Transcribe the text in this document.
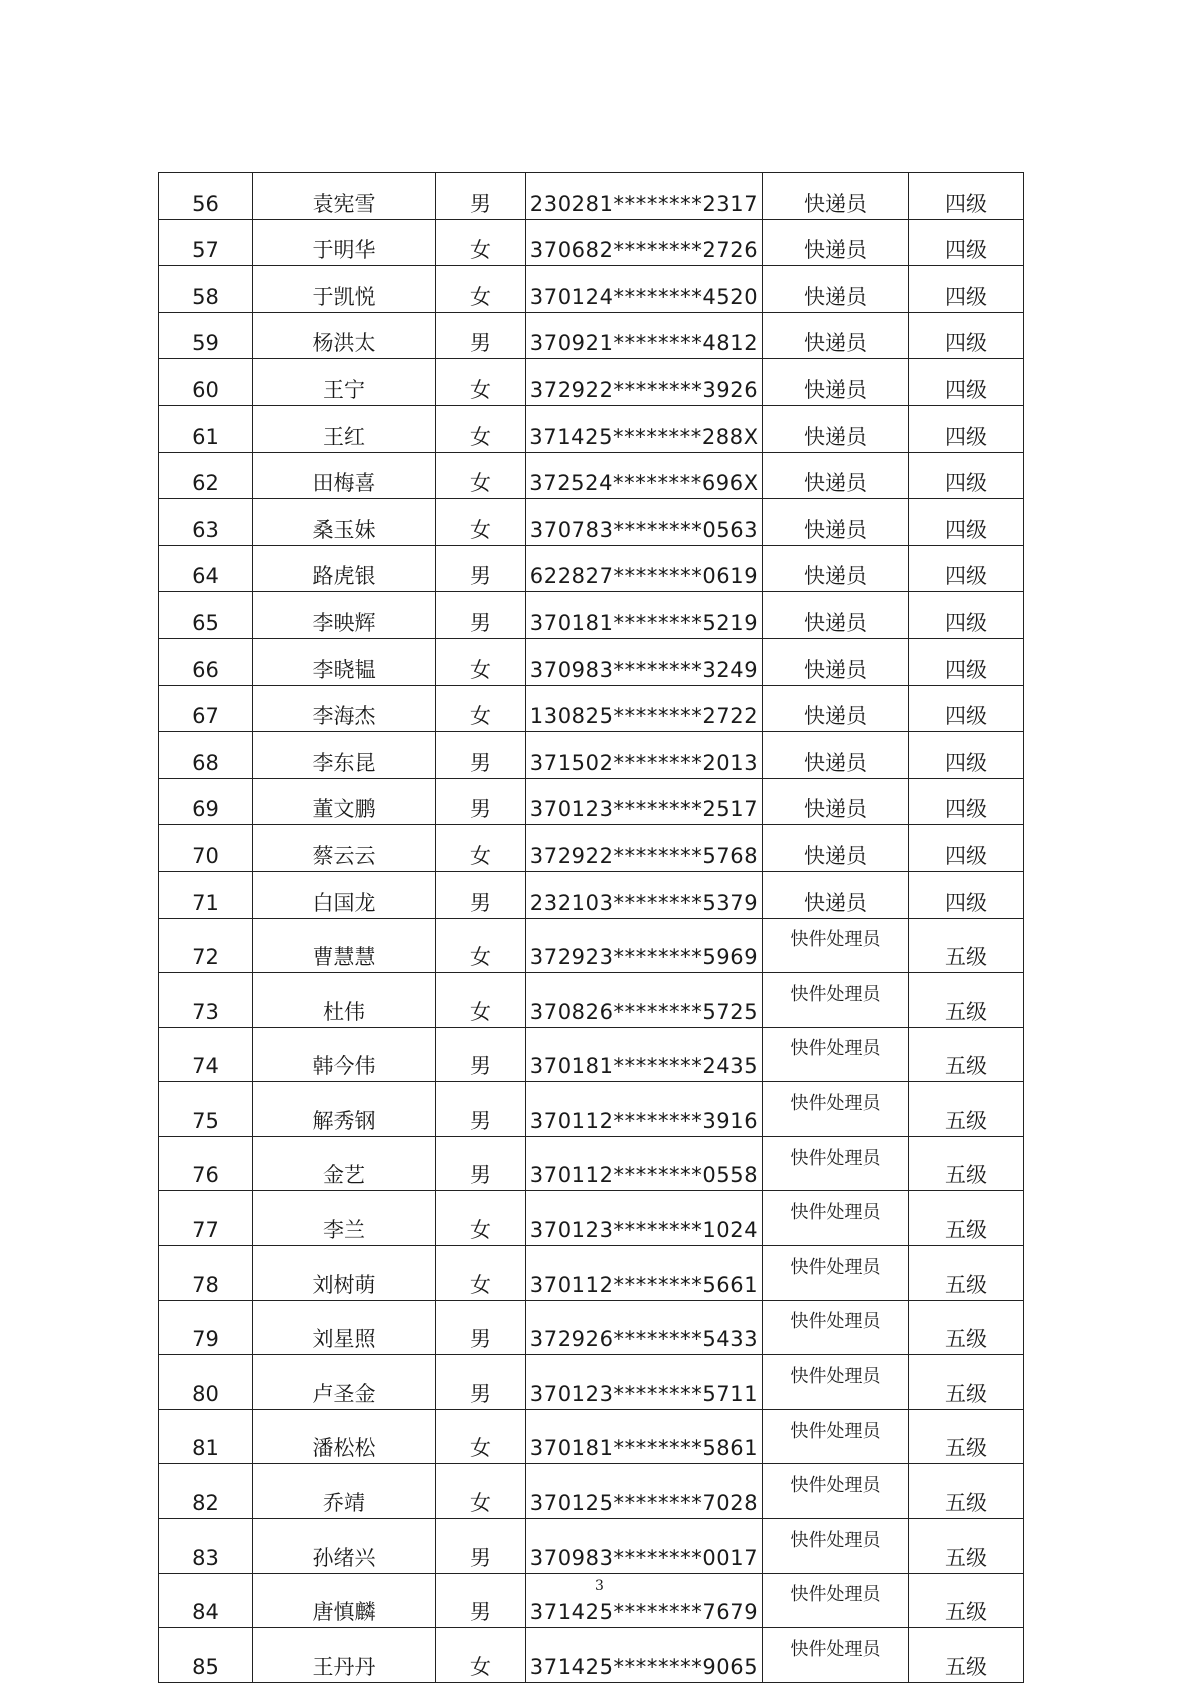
56	袁宪雪	男	230281********2317	快递员	四级
57	于明华	女	370682********2726	快递员	四级
58	于凯悦	女	370124********4520	快递员	四级
59	杨洪太	男	370921********4812	快递员	四级
60	王宁	女	372922********3926	快递员	四级
61	王红	女	371425********288X	快递员	四级
62	田梅喜	女	372524********696X	快递员	四级
63	桑玉妹	女	370783********0563	快递员	四级
64	路虎银	男	622827********0619	快递员	四级
65	李映辉	男	370181********5219	快递员	四级
66	李晓韫	女	370983********3249	快递员	四级
67	李海杰	女	130825********2722	快递员	四级
68	李东昆	男	371502********2013	快递员	四级
69	董文鹏	男	370123********2517	快递员	四级
70	蔡云云	女	372922********5768	快递员	四级
71	白国龙	男	232103********5379	快递员	四级
72	曹慧慧	女	372923********5969	快件处理员	五级
73	杜伟	女	370826********5725	快件处理员	五级
74	韩今伟	男	370181********2435	快件处理员	五级
75	解秀钢	男	370112********3916	快件处理员	五级
76	金艺	男	370112********0558	快件处理员	五级
77	李兰	女	370123********1024	快件处理员	五级
78	刘树萌	女	370112********5661	快件处理员	五级
79	刘星照	男	372926********5433	快件处理员	五级
80	卢圣金	男	370123********5711	快件处理员	五级
81	潘松松	女	370181********5861	快件处理员	五级
82	乔靖	女	370125********7028	快件处理员	五级
83	孙绪兴	男	370983********0017	快件处理员	五级
84	唐慎麟	男	371425********7679	快件处理员	五级
85	王丹丹	女	371425********9065	快件处理员	五级
3
